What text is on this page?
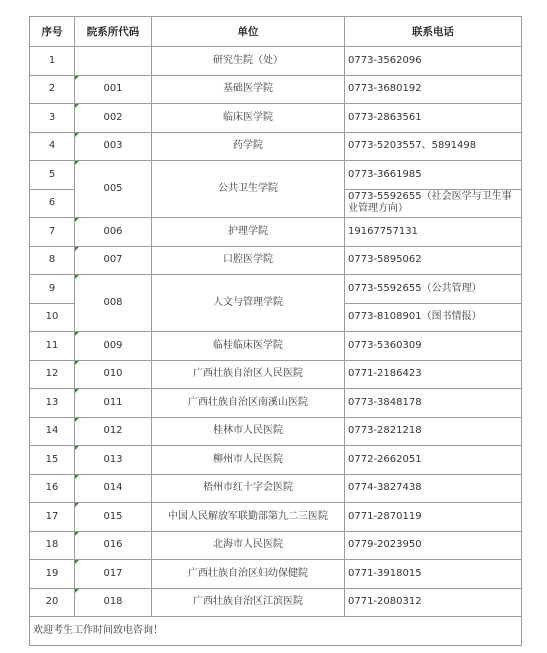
序号	院系所代码	单位	联系电话
1		研究生院（处）	0773-3562096
2	001	基础医学院	0773-3680192
3	002	临床医学院	0773-2863561
4	003	药学院	0773-5203557、5891498
5	005	公共卫生学院	0773-3661985
6			0773-5592655（社会医学与卫生事业管理方向）
7	006	护理学院	19167757131
8	007	口腔医学院	0773-5895062
9	008	人文与管理学院	0773-5592655（公共管理）
10			0773-8108901（图书情报）
11	009	临桂临床医学院	0773-5360309
12	010	广西壮族自治区人民医院	0771-2186423
13	011	广西壮族自治区南溪山医院	0773-3848178
14	012	桂林市人民医院	0773-2821218
15	013	柳州市人民医院	0772-2662051
16	014	梧州市红十字会医院	0774-3827438
17	015	中国人民解放军联勤部第九二三医院	0771-2870119
18	016	北海市人民医院	0779-2023950
19	017	广西壮族自治区妇幼保健院	0771-3918015
20	018	广西壮族自治区江滨医院	0771-2080312
欢迎考生工作时间致电咨询！			
